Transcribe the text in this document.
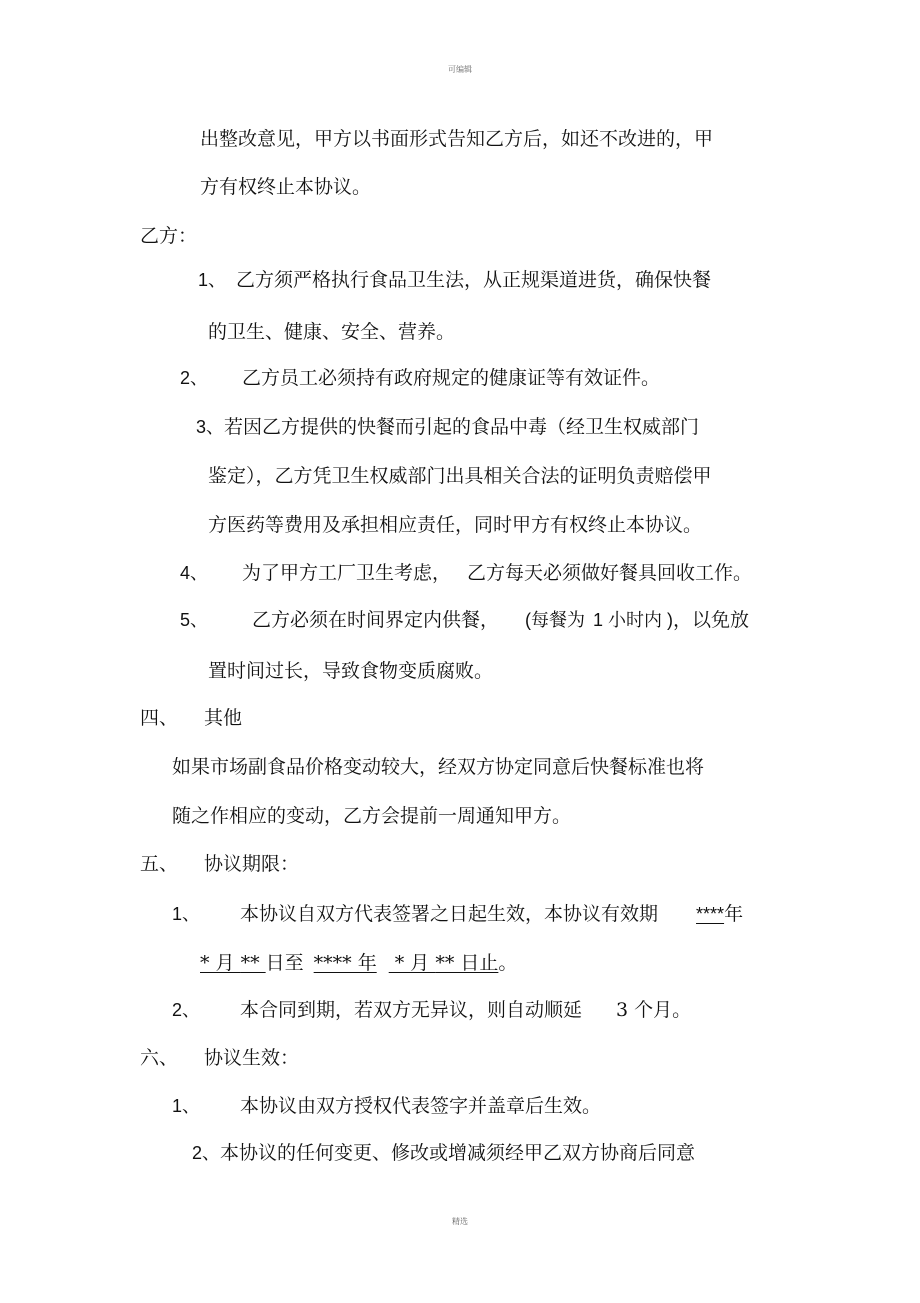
可编辑
出整改意见，甲方以书面形式告知乙方后，如还不改进的，甲
方有权终止本协议。
乙方：
1、 乙方须严格执行食品卫生法，从正规渠道进货，确保快餐
的卫生、健康、安全、营养。
2、 乙方员工必须持有政府规定的健康证等有效证件。
3、若因乙方提供的快餐而引起的食品中毒（经卫生权威部门
鉴定），乙方凭卫生权威部门出具相关合法的证明负责赔偿甲
方医药等费用及承担相应责任，同时甲方有权终止本协议。
4、 为了甲方工厂卫生考虑， 乙方每天必须做好餐具回收工作。
5、 乙方必须在时间界定内供餐， (每餐为 1 小时内 )，以免放
置时间过长，导致食物变质腐败。
四、 其他
如果市场副食品价格变动较大，经双方协定同意后快餐标准也将
随之作相应的变动，乙方会提前一周通知甲方。
五、 协议期限：
1、 本协议自双方代表签署之日起生效，本协议有效期 ****年
* 月 ** 日至 **** 年 * 月 ** 日止。
2、 本合同到期，若双方无异议，则自动顺延 3 个月。
六、 协议生效：
1、 本协议由双方授权代表签字并盖章后生效。
2、本协议的任何变更、修改或增减须经甲乙双方协商后同意
精选
